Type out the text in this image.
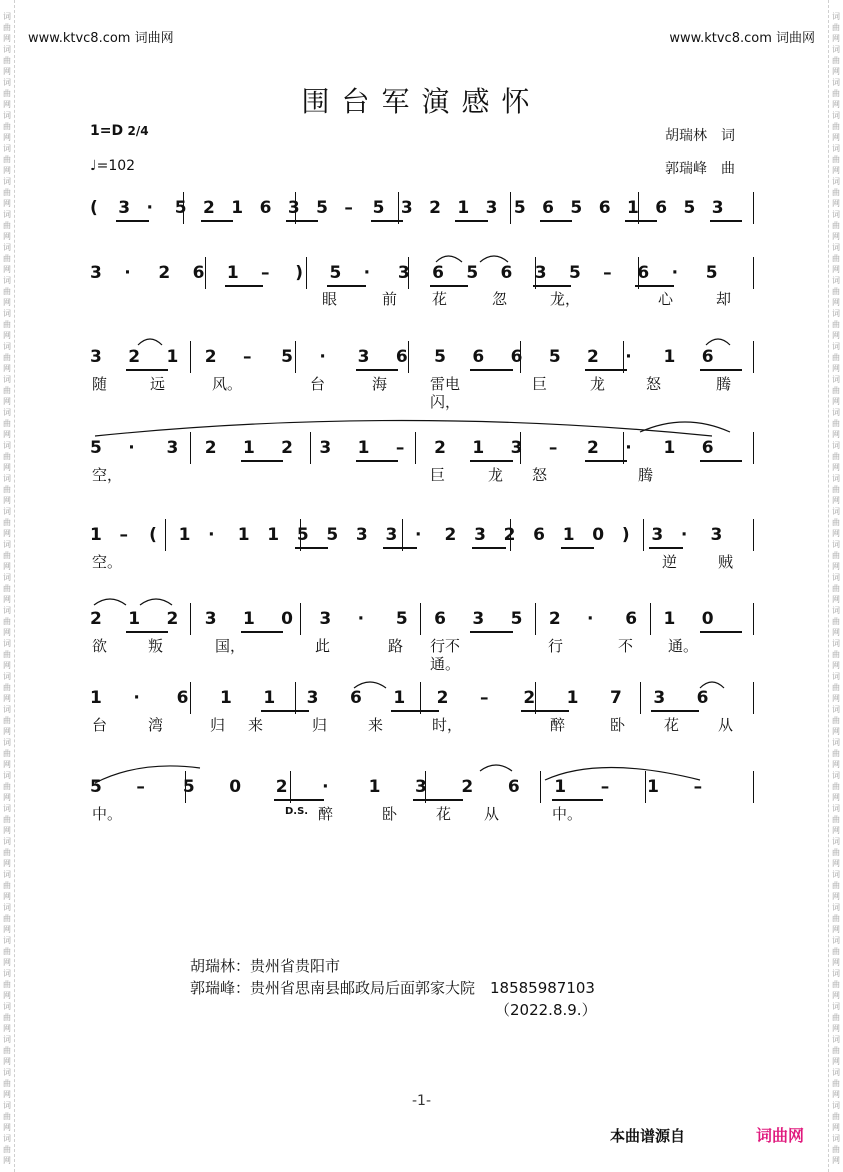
词
曲
网
词
曲
网
词
曲
网
词
曲
网
词
曲
网
词
曲
网
词
曲
网
词
曲
网
词
曲
网
词
曲
网
词
曲
网
词
曲
网
词
曲
网
词
曲
网
词
曲
网
词
曲
网
词
曲
网
词
曲
网
词
曲
网
词
曲
网
词
曲
网
词
曲
网
词
曲
网
词
曲
网
词
曲
网
词
曲
网
词
曲
网
词
曲
网
词
曲
网
词
曲
网
词
曲
网
词
曲
网
词
曲
网
词
曲
网
词
曲
网
词
曲
网
词
曲
网
词
曲
网
词
曲
网
词
曲
网
词
曲
网
词
曲
网
词
曲
网
词
曲
网
词
曲
网
词
曲
网
词
曲
网
词
曲
网
词
曲
网
词
曲
网
词
曲
网
词
曲
网
词
曲
网
词
曲
网
词
曲
网
词
曲
网
词
曲
网
词
曲
网
词
曲
网
词
曲
网
词
曲
网
词
曲
网
词
曲
网
词
曲
网
词
曲
网
词
曲
网
词
曲
网
词
曲
网
词
曲
网
词
曲
网
www.ktvc8.com 词曲网	www.ktvc8.com 词曲网
围台军演感怀
1=D 2/4
♩=102
胡瑞林　词
郭瑞峰　曲
( 3 · 5 2 1 6 3 5 – 5 3 2 1 3 5 6 5 6 1 6 5 3
3 · 2 6 1 – ) 5 · 3 6 5 6 3 5 – 6 · 5
眼	前 花	忽	龙，	心	却
3 2 1 2 – 5 · 3 6 5 6 6 5 2 · 1 6
随	远	风。	台	海	雷电闪，
巨	龙	怒	腾
5 · 3 2 1 2 3 1 – 2 1 3 – 2 · 1 6
空，	巨	龙 怒	腾
1 – ( 1 · 1 1 5 5 3 3 · 2 3 2 6 1 0 ) 3 · 3
空。	逆	贼
2 1 2 3 1 0 3 · 5 6 3 5 2 · 6 1 0
欲	叛	国，	此	路 行不通。
行	不 通。
1 · 6 1 1 3 6 1 2 – 2 1 7 3 6
台	湾	归 来	归	来	时，	醉	卧	花	从
5 – 5 0 2 · 1 3 2 6 1 – 1 –
中。	D.S. 醉	卧	花 从	中。
胡瑞林：贵州省贵阳市
郭瑞峰：贵州省思南县邮政局后面郭家大院　18585987103
（2022.8.9.）
-1-
本曲谱源自	词曲网
